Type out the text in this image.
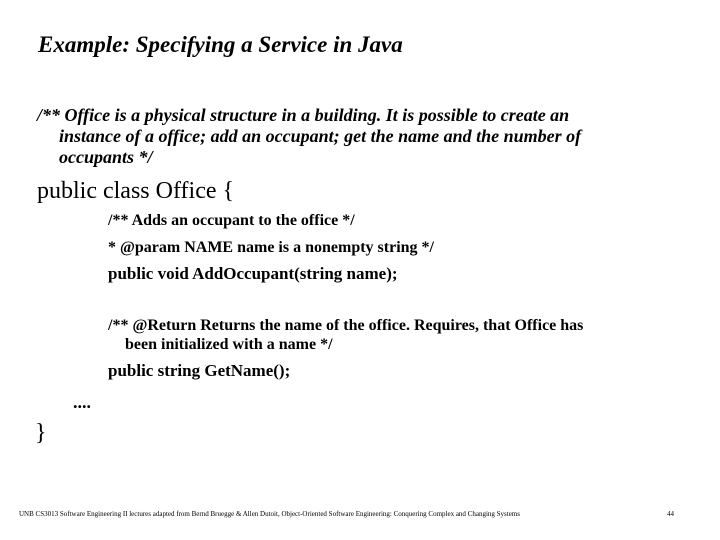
Example: Specifying a Service in Java
/** Office is a physical structure in a building. It is possible to create an
instance of a office; add an occupant; get the name and the number of
occupants */
public class Office {
/** Adds an occupant to the office */
* @param NAME name is a nonempty string */
public void AddOccupant(string name);
/** @Return Returns the name of the office. Requires, that Office has
been initialized with a name */
public string GetName();
....
}
UNB CS3013 Software Engineering II lectures adapted from Bernd Bruegge & Allen Dutoit, Object-Oriented Software Engineering: Conquering Complex and Changing Systems	44
